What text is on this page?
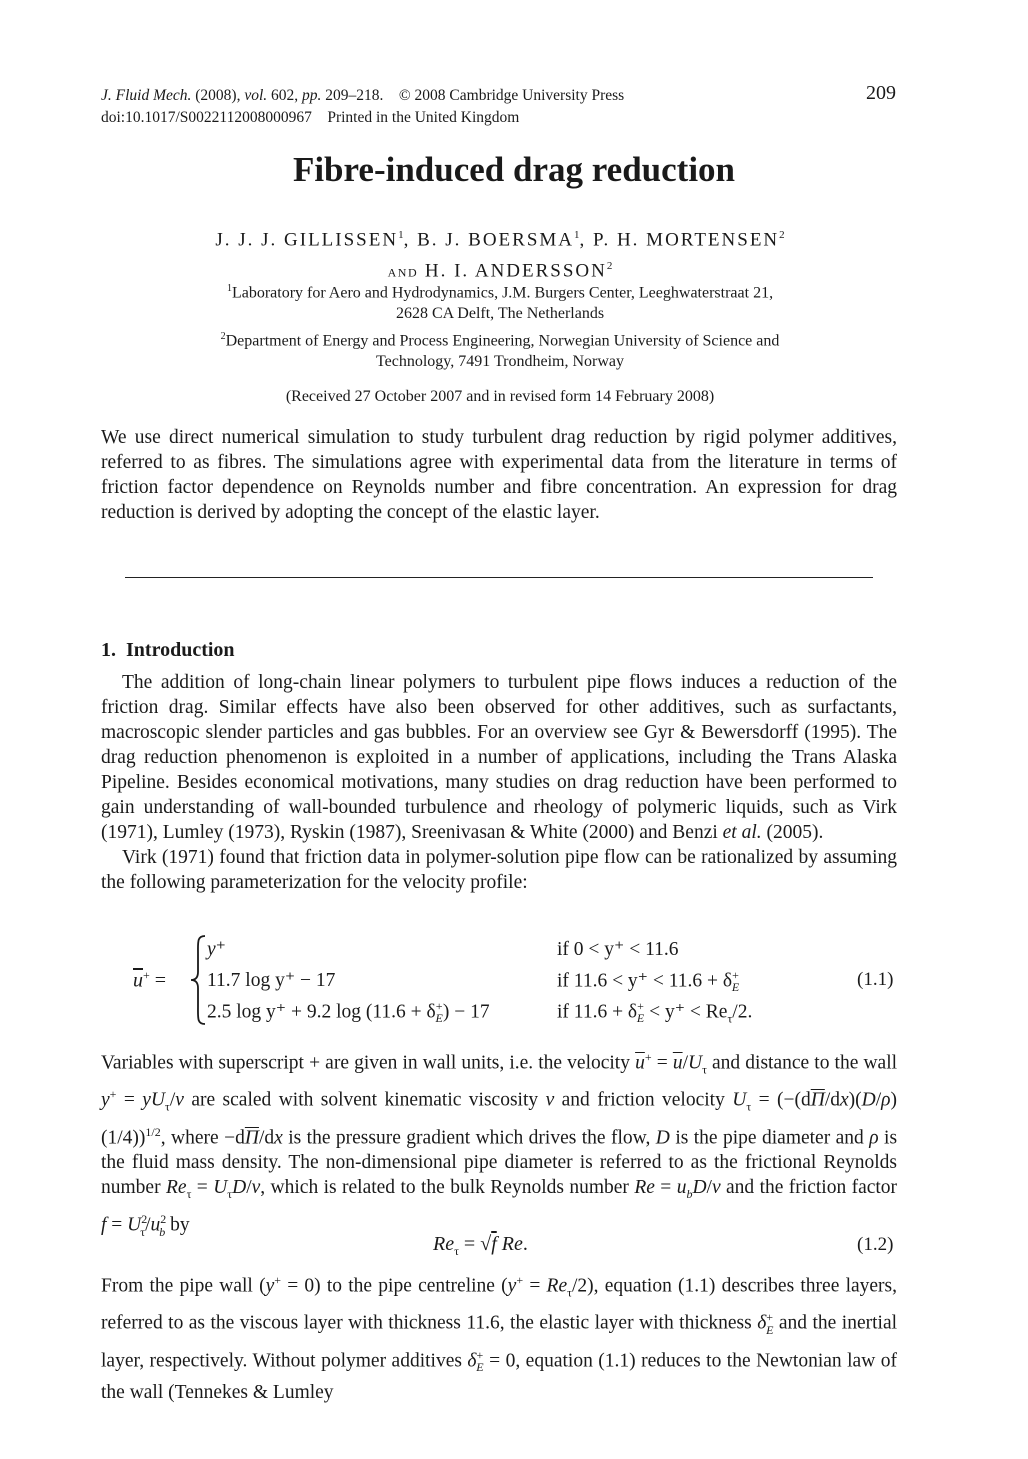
J. Fluid Mech. (2008), vol. 602, pp. 209–218. © 2008 Cambridge University Press
doi:10.1017/S0022112008000967 Printed in the United Kingdom
209
Fibre-induced drag reduction
J. J. J. GILLISSEN$^1$, B. J. BOERSMA$^1$, P. H. MORTENSEN$^2$
and H. I. ANDERSSON$^2$
$^1$Laboratory for Aero and Hydrodynamics, J.M. Burgers Center, Leeghwaterstraat 21,
2628 CA Delft, The Netherlands
$^2$Department of Energy and Process Engineering, Norwegian University of Science and
Technology, 7491 Trondheim, Norway
(Received 27 October 2007 and in revised form 14 February 2008)
We use direct numerical simulation to study turbulent drag reduction by rigid polymer additives, referred to as fibres. The simulations agree with experimental data from the literature in terms of friction factor dependence on Reynolds number and fibre concentration. An expression for drag reduction is derived by adopting the concept of the elastic layer.
1. Introduction

The addition of long-chain linear polymers to turbulent pipe flows induces a reduction of the friction drag. Similar effects have also been observed for other additives, such as surfactants, macroscopic slender particles and gas bubbles. For an overview see Gyr & Bewersdorff (1995). The drag reduction phenomenon is exploited in a number of applications, including the Trans Alaska Pipeline. Besides economical motivations, many studies on drag reduction have been performed to gain understanding of wall-bounded turbulence and rheology of polymeric liquids, such as Virk (1971), Lumley (1973), Ryskin (1987), Sreenivasan & White (2000) and Benzi et al. (2005).

Virk (1971) found that friction data in polymer-solution pipe flow can be rationalized by assuming the following parameterization for the velocity profile:

$\overline{u}^+$ =
y⁺	if 0 < y⁺ < 11.6
11.7 log y⁺ − 17	if $11.6 < y^+ < 11.6 + \delta^+_E$
2.5 log y⁺ + 9.2 $\log (11.6 + \delta^+_E) - 17$	if $11.6 + \delta^+_E < y^+ < Re_\tau/2$.
(1.1)

Variables with superscript + are given in wall units, i.e. the velocity $\overline{u}^+ = \overline{u}/U_\tau$ and distance to the wall $y^+ = yU_\tau/\nu$ are scaled with solvent kinematic viscosity ν and friction velocity $U_\tau = (-(d\overline{\Pi}/dx)(D/\rho)(1/4))^{1/2}$, where $-d\overline{\Pi}/dx$ is the pressure gradient which drives the flow, D is the pipe diameter and ρ is the fluid mass density. The non-dimensional pipe diameter is referred to as the frictional Reynolds number $Re_\tau = U_\tau D/\nu$, which is related to the bulk Reynolds number $Re = u_bD/\nu$ and the friction factor $f = U^2_\tau/u^2_b$ by

$Re_\tau = √f$ Re.	(1.2)

From the pipe wall (y+ = 0) to the pipe centreline $(y^+ = Re_\tau/2)$, equation (1.1) describes three layers, referred to as the viscous layer with thickness 11.6, the elastic layer with thickness $\delta^+_E$ and the inertial layer, respectively. Without polymer additives $\delta^+_E = 0$, equation (1.1) reduces to the Newtonian law of the wall (Tennekes & Lumley
